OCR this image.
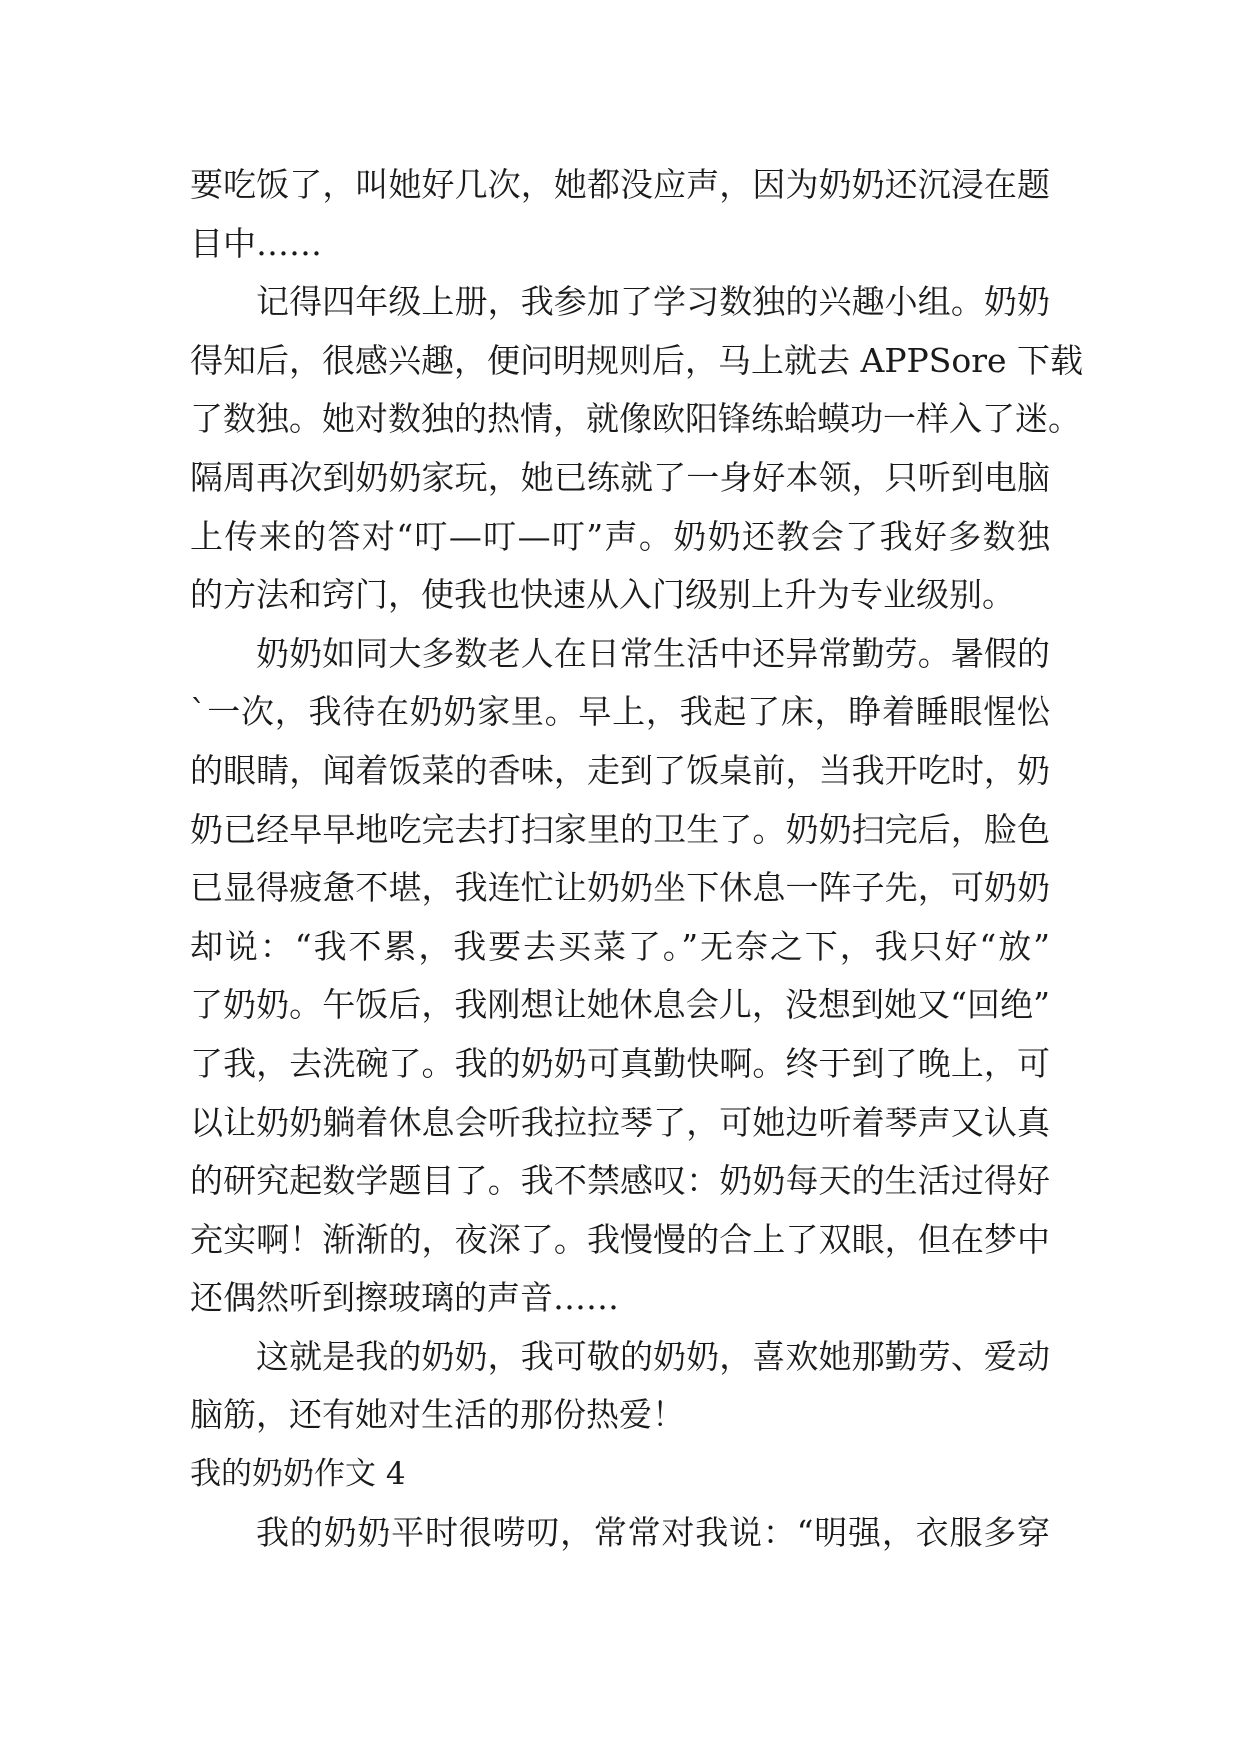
要吃饭了，叫她好几次，她都没应声，因为奶奶还沉浸在题
目中……
记得四年级上册，我参加了学习数独的兴趣小组。奶奶
得知后，很感兴趣，便问明规则后，马上就去 APPSore 下载
了数独。她对数独的热情，就像欧阳锋练蛤蟆功一样入了迷。
隔周再次到奶奶家玩，她已练就了一身好本领，只听到电脑
上传来的答对“叮—叮—叮”声。奶奶还教会了我好多数独
的方法和窍门，使我也快速从入门级别上升为专业级别。
奶奶如同大多数老人在日常生活中还异常勤劳。暑假的
`一次，我待在奶奶家里。早上，我起了床，睁着睡眼惺忪
的眼睛，闻着饭菜的香味，走到了饭桌前，当我开吃时，奶
奶已经早早地吃完去打扫家里的卫生了。奶奶扫完后，脸色
已显得疲惫不堪，我连忙让奶奶坐下休息一阵子先，可奶奶
却说：“我不累，我要去买菜了。”无奈之下，我只好“放”
了奶奶。午饭后，我刚想让她休息会儿，没想到她又“回绝”
了我，去洗碗了。我的奶奶可真勤快啊。终于到了晚上，可
以让奶奶躺着休息会听我拉拉琴了，可她边听着琴声又认真
的研究起数学题目了。我不禁感叹：奶奶每天的生活过得好
充实啊！渐渐的，夜深了。我慢慢的合上了双眼，但在梦中
还偶然听到擦玻璃的声音……
这就是我的奶奶，我可敬的奶奶，喜欢她那勤劳、爱动
脑筋，还有她对生活的那份热爱！
我的奶奶作文 4
我的奶奶平时很唠叨，常常对我说：“明强，衣服多穿
